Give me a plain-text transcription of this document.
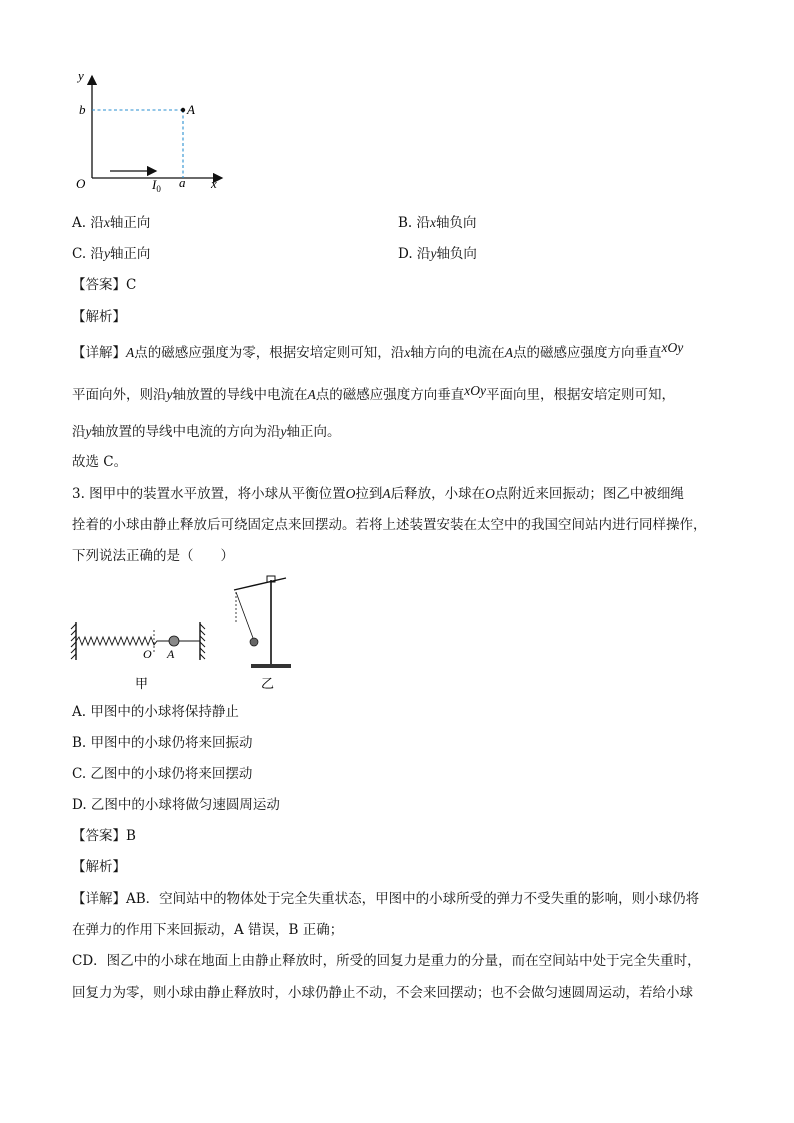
y
x
O
b
a
A
$I_0$
A. 沿x轴正向	B. 沿x轴负向
C. 沿y轴正向	D. 沿y轴负向
【答案】C
【解析】
【详解】A点的磁感应强度为零，根据安培定则可知，沿x轴方向的电流在A点的磁感应强度方向垂直xOy
平面向外，则沿y轴放置的导线中电流在A点的磁感应强度方向垂直xOy平面向里，根据安培定则可知，
沿y轴放置的导线中电流的方向为沿y轴正向。
故选 C。
3. 图甲中的装置水平放置，将小球从平衡位置O拉到A后释放，小球在O点附近来回振动；图乙中被细绳
拴着的小球由静止释放后可绕固定点来回摆动。若将上述装置安装在太空中的我国空间站内进行同样操作，
下列说法正确的是（　　）
O A
甲	乙
A. 甲图中的小球将保持静止
B. 甲图中的小球仍将来回振动
C. 乙图中的小球仍将来回摆动
D. 乙图中的小球将做匀速圆周运动
【答案】B
【解析】
【详解】AB．空间站中的物体处于完全失重状态，甲图中的小球所受的弹力不受失重的影响，则小球仍将
在弹力的作用下来回振动，A 错误，B 正确；
CD．图乙中的小球在地面上由静止释放时，所受的回复力是重力的分量，而在空间站中处于完全失重时，
回复力为零，则小球由静止释放时，小球仍静止不动，不会来回摆动；也不会做匀速圆周运动，若给小球
